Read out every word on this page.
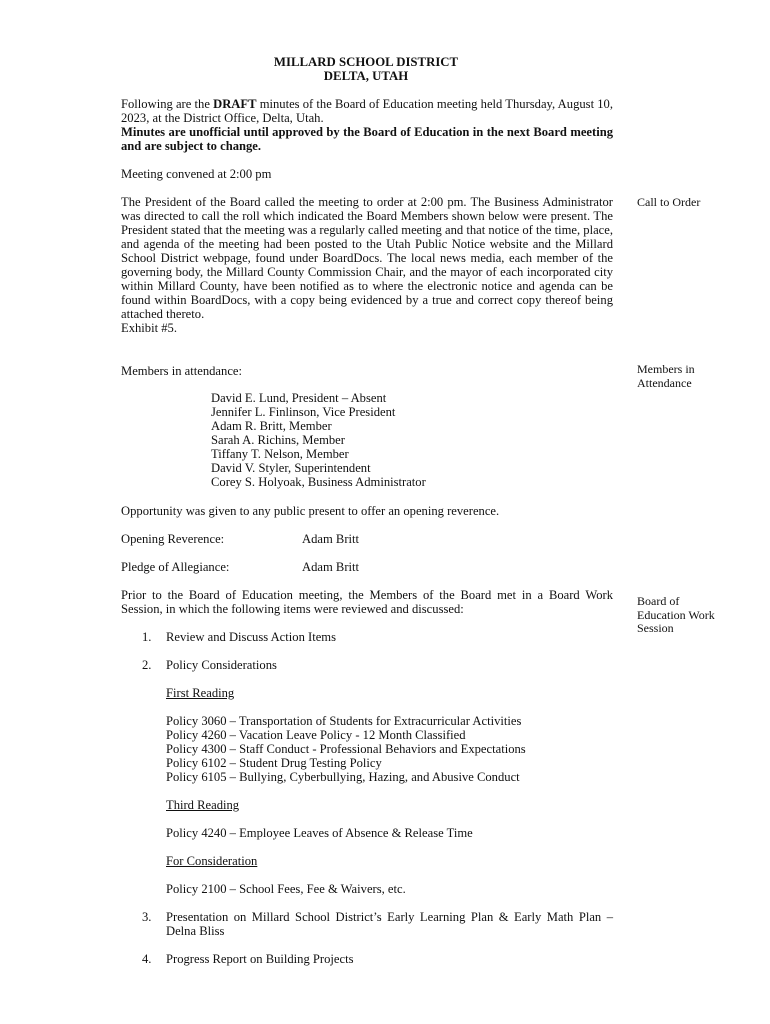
MILLARD SCHOOL DISTRICT
DELTA, UTAH
Following are the DRAFT minutes of the Board of Education meeting held Thursday, August 10, 2023, at the District Office, Delta, Utah.
Minutes are unofficial until approved by the Board of Education in the next Board meeting and are subject to change.
Meeting convened at 2:00 pm
The President of the Board called the meeting to order at 2:00 pm. The Business Administrator was directed to call the roll which indicated the Board Members shown below were present. The President stated that the meeting was a regularly called meeting and that notice of the time, place, and agenda of the meeting had been posted to the Utah Public Notice website and the Millard School District webpage, found under BoardDocs. The local news media, each member of the governing body, the Millard County Commission Chair, and the mayor of each incorporated city within Millard County, have been notified as to where the electronic notice and agenda can be found within BoardDocs, with a copy being evidenced by a true and correct copy thereof being attached thereto.
Exhibit #5.
Call to Order
Members in attendance:	Members in
Attendance
David E. Lund, President – Absent
Jennifer L. Finlinson, Vice President
Adam R. Britt, Member
Sarah A. Richins, Member
Tiffany T. Nelson, Member
David V. Styler, Superintendent
Corey S. Holyoak, Business Administrator
Opportunity was given to any public present to offer an opening reverence.
Opening Reverence:	Adam Britt
Pledge of Allegiance:	Adam Britt
Prior to the Board of Education meeting, the Members of the Board met in a Board Work Session, in which the following items were reviewed and discussed:
Board of
Education Work
Session
1. Review and Discuss Action Items
2. Policy Considerations
First Reading
Policy 3060 – Transportation of Students for Extracurricular Activities
Policy 4260 – Vacation Leave Policy - 12 Month Classified
Policy 4300 – Staff Conduct - Professional Behaviors and Expectations
Policy 6102 – Student Drug Testing Policy
Policy 6105 – Bullying, Cyberbullying, Hazing, and Abusive Conduct
Third Reading
Policy 4240 – Employee Leaves of Absence & Release Time
For Consideration
Policy 2100 – School Fees, Fee & Waivers, etc.
3.	Presentation on Millard School District’s Early Learning Plan & Early Math Plan – Delna Bliss
4. Progress Report on Building Projects
